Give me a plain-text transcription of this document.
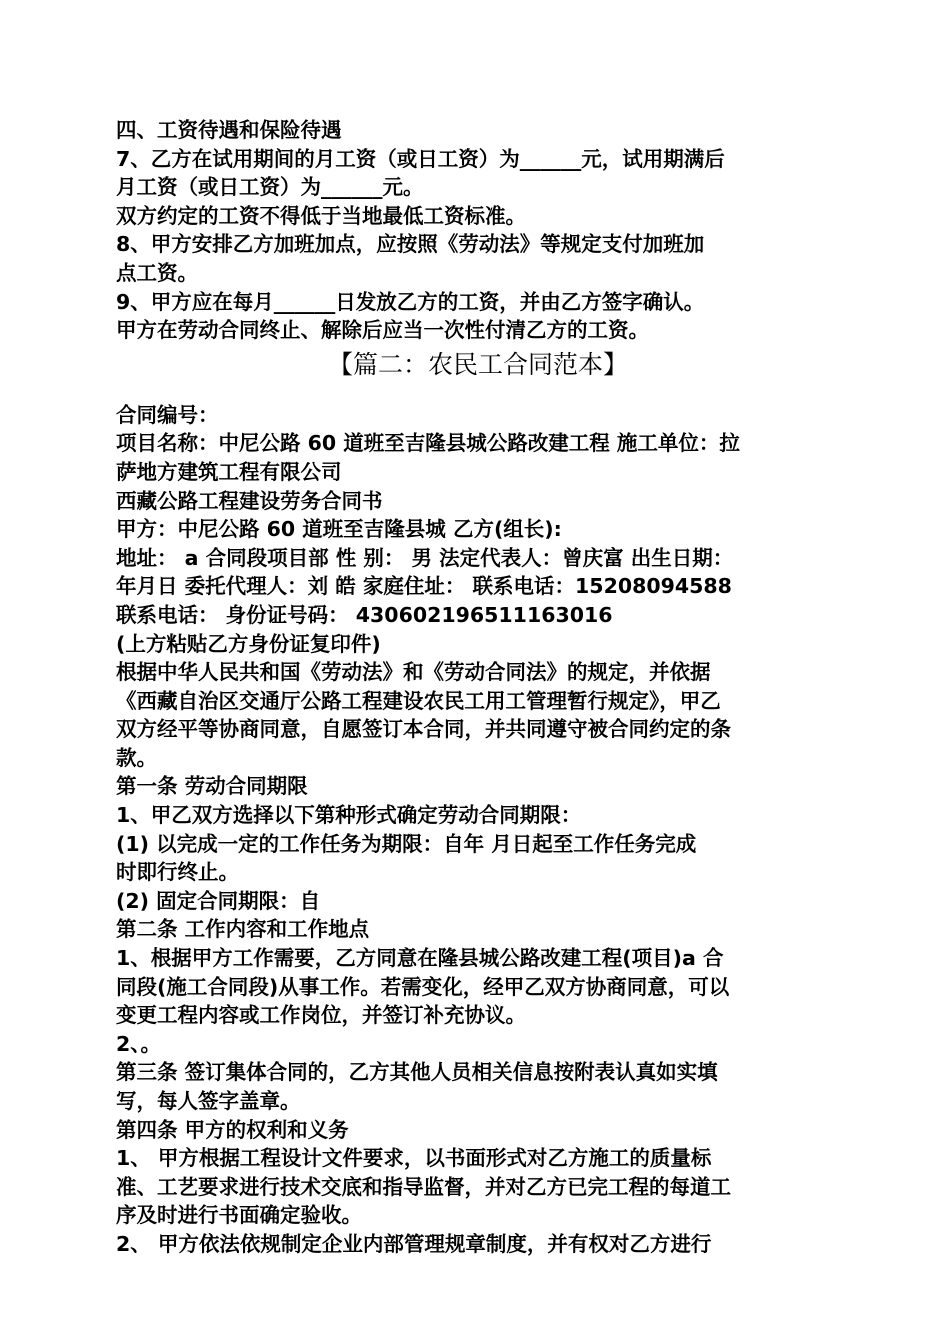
四、工资待遇和保险待遇
7、乙方在试用期间的月工资（或日工资）为______元，试用期满后
月工资（或日工资）为______元。
双方约定的工资不得低于当地最低工资标准。
8、甲方安排乙方加班加点，应按照《劳动法》等规定支付加班加
点工资。
9、甲方应在每月______日发放乙方的工资，并由乙方签字确认。
甲方在劳动合同终止、解除后应当一次性付清乙方的工资。
【篇二：农民工合同范本】
合同编号：
项目名称：中尼公路 60 道班至吉隆县城公路改建工程 施工单位：拉
萨地方建筑工程有限公司
西藏公路工程建设劳务合同书
甲方：中尼公路 60 道班至吉隆县城 乙方(组长):
地址： a 合同段项目部 性 别： 男 法定代表人：曾庆富 出生日期：
年月日 委托代理人：刘 皓 家庭住址： 联系电话：15208094588
联系电话： 身份证号码： 430602196511163016
(上方粘贴乙方身份证复印件)
根据中华人民共和国《劳动法》和《劳动合同法》的规定，并依据
《西藏自治区交通厅公路工程建设农民工用工管理暂行规定》，甲乙
双方经平等协商同意，自愿签订本合同，并共同遵守被合同约定的条
款。
第一条 劳动合同期限
1、甲乙双方选择以下第种形式确定劳动合同期限：
(1) 以完成一定的工作任务为期限：自年 月日起至工作任务完成
时即行终止。
(2) 固定合同期限：自
第二条 工作内容和工作地点
1、根据甲方工作需要，乙方同意在隆县城公路改建工程(项目)a 合
同段(施工合同段)从事工作。若需变化，经甲乙双方协商同意，可以
变更工程内容或工作岗位，并签订补充协议。
2、。
第三条 签订集体合同的，乙方其他人员相关信息按附表认真如实填
写，每人签字盖章。
第四条 甲方的权利和义务
1、 甲方根据工程设计文件要求，以书面形式对乙方施工的质量标
准、工艺要求进行技术交底和指导监督，并对乙方已完工程的每道工
序及时进行书面确定验收。
2、 甲方依法依规制定企业内部管理规章制度，并有权对乙方进行
